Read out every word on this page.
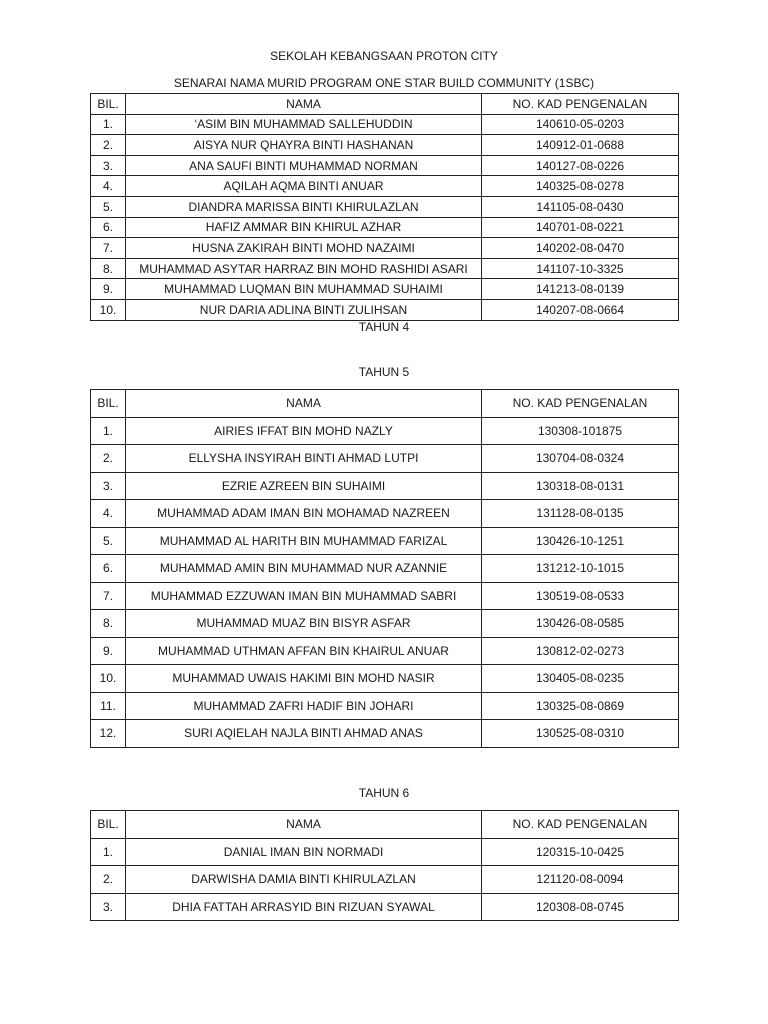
SEKOLAH KEBANGSAAN PROTON CITY
SENARAI NAMA MURID PROGRAM ONE STAR BUILD COMMUNITY (1SBC)
BIL.	NAMA	NO. KAD PENGENALAN
1.	‘ASIM BIN MUHAMMAD SALLEHUDDIN	140610-05-0203
2.	AISYA NUR QHAYRA BINTI HASHANAN	140912-01-0688
3.	ANA SAUFI BINTI MUHAMMAD NORMAN	140127-08-0226
4.	AQILAH AQMA BINTI ANUAR	140325-08-0278
5.	DIANDRA MARISSA BINTI KHIRULAZLAN	141105-08-0430
6.	HAFIZ AMMAR BIN KHIRUL AZHAR	140701-08-0221
7.	HUSNA ZAKIRAH BINTI MOHD NAZAIMI	140202-08-0470
8.	MUHAMMAD ASYTAR HARRAZ BIN MOHD RASHIDI ASARI	141107-10-3325
9.	MUHAMMAD LUQMAN BIN MUHAMMAD SUHAIMI	141213-08-0139
10.	NUR DARIA ADLINA BINTI ZULIHSAN	140207-08-0664
TAHUN 4
TAHUN 5
BIL.	NAMA	NO. KAD PENGENALAN
1.	AIRIES IFFAT BIN MOHD NAZLY	130308-101875
2.	ELLYSHA INSYIRAH BINTI AHMAD LUTPI	130704-08-0324
3.	EZRIE AZREEN BIN SUHAIMI	130318-08-0131
4.	MUHAMMAD ADAM IMAN BIN MOHAMAD NAZREEN	131128-08-0135
5.	MUHAMMAD AL HARITH BIN MUHAMMAD FARIZAL	130426-10-1251
6.	MUHAMMAD AMIN BIN MUHAMMAD NUR AZANNIE	131212-10-1015
7.	MUHAMMAD EZZUWAN IMAN BIN MUHAMMAD SABRI	130519-08-0533
8.	MUHAMMAD MUAZ BIN BISYR ASFAR	130426-08-0585
9.	MUHAMMAD UTHMAN AFFAN BIN KHAIRUL ANUAR	130812-02-0273
10.	MUHAMMAD UWAIS HAKIMI BIN MOHD NASIR	130405-08-0235
11.	MUHAMMAD ZAFRI HADIF BIN JOHARI	130325-08-0869
12.	SURI AQIELAH NAJLA BINTI AHMAD ANAS	130525-08-0310
TAHUN 6
BIL.	NAMA	NO. KAD PENGENALAN
1.	DANIAL IMAN BIN NORMADI	120315-10-0425
2.	DARWISHA DAMIA BINTI KHIRULAZLAN	121120-08-0094
3.	DHIA FATTAH ARRASYID BIN RIZUAN SYAWAL	120308-08-0745
